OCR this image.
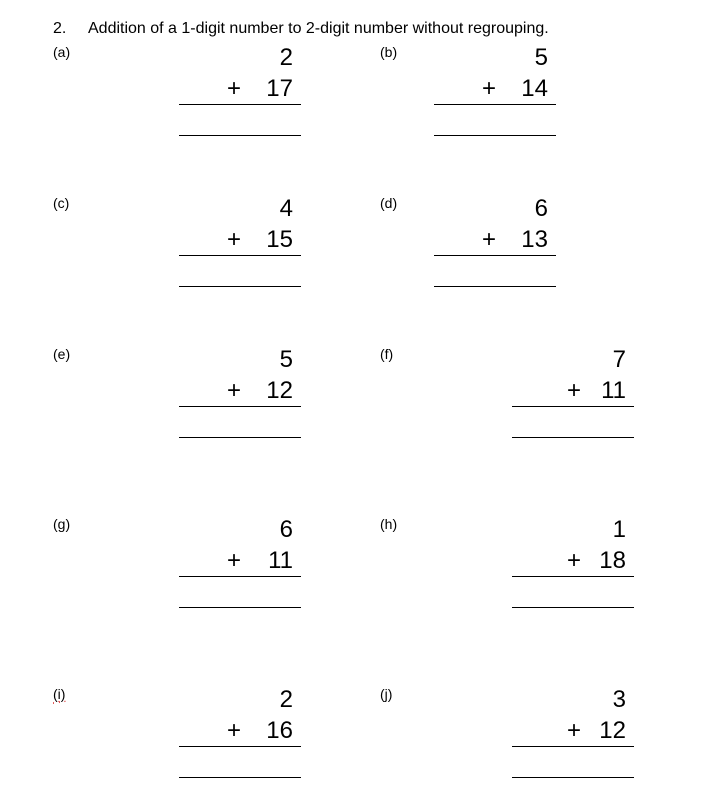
2. Addition of a 1-digit number to 2-digit number without regrouping.
(a)	2
+ 17
(b)	5
+ 14
(c)	4
+ 15
(d)	6
+ 13
(e)	5
+ 12
(f)	7
+ 11
(g)	6
+ 11
(h)	1
+ 18
(i)	2
+ 16
(j)	3
+ 12
